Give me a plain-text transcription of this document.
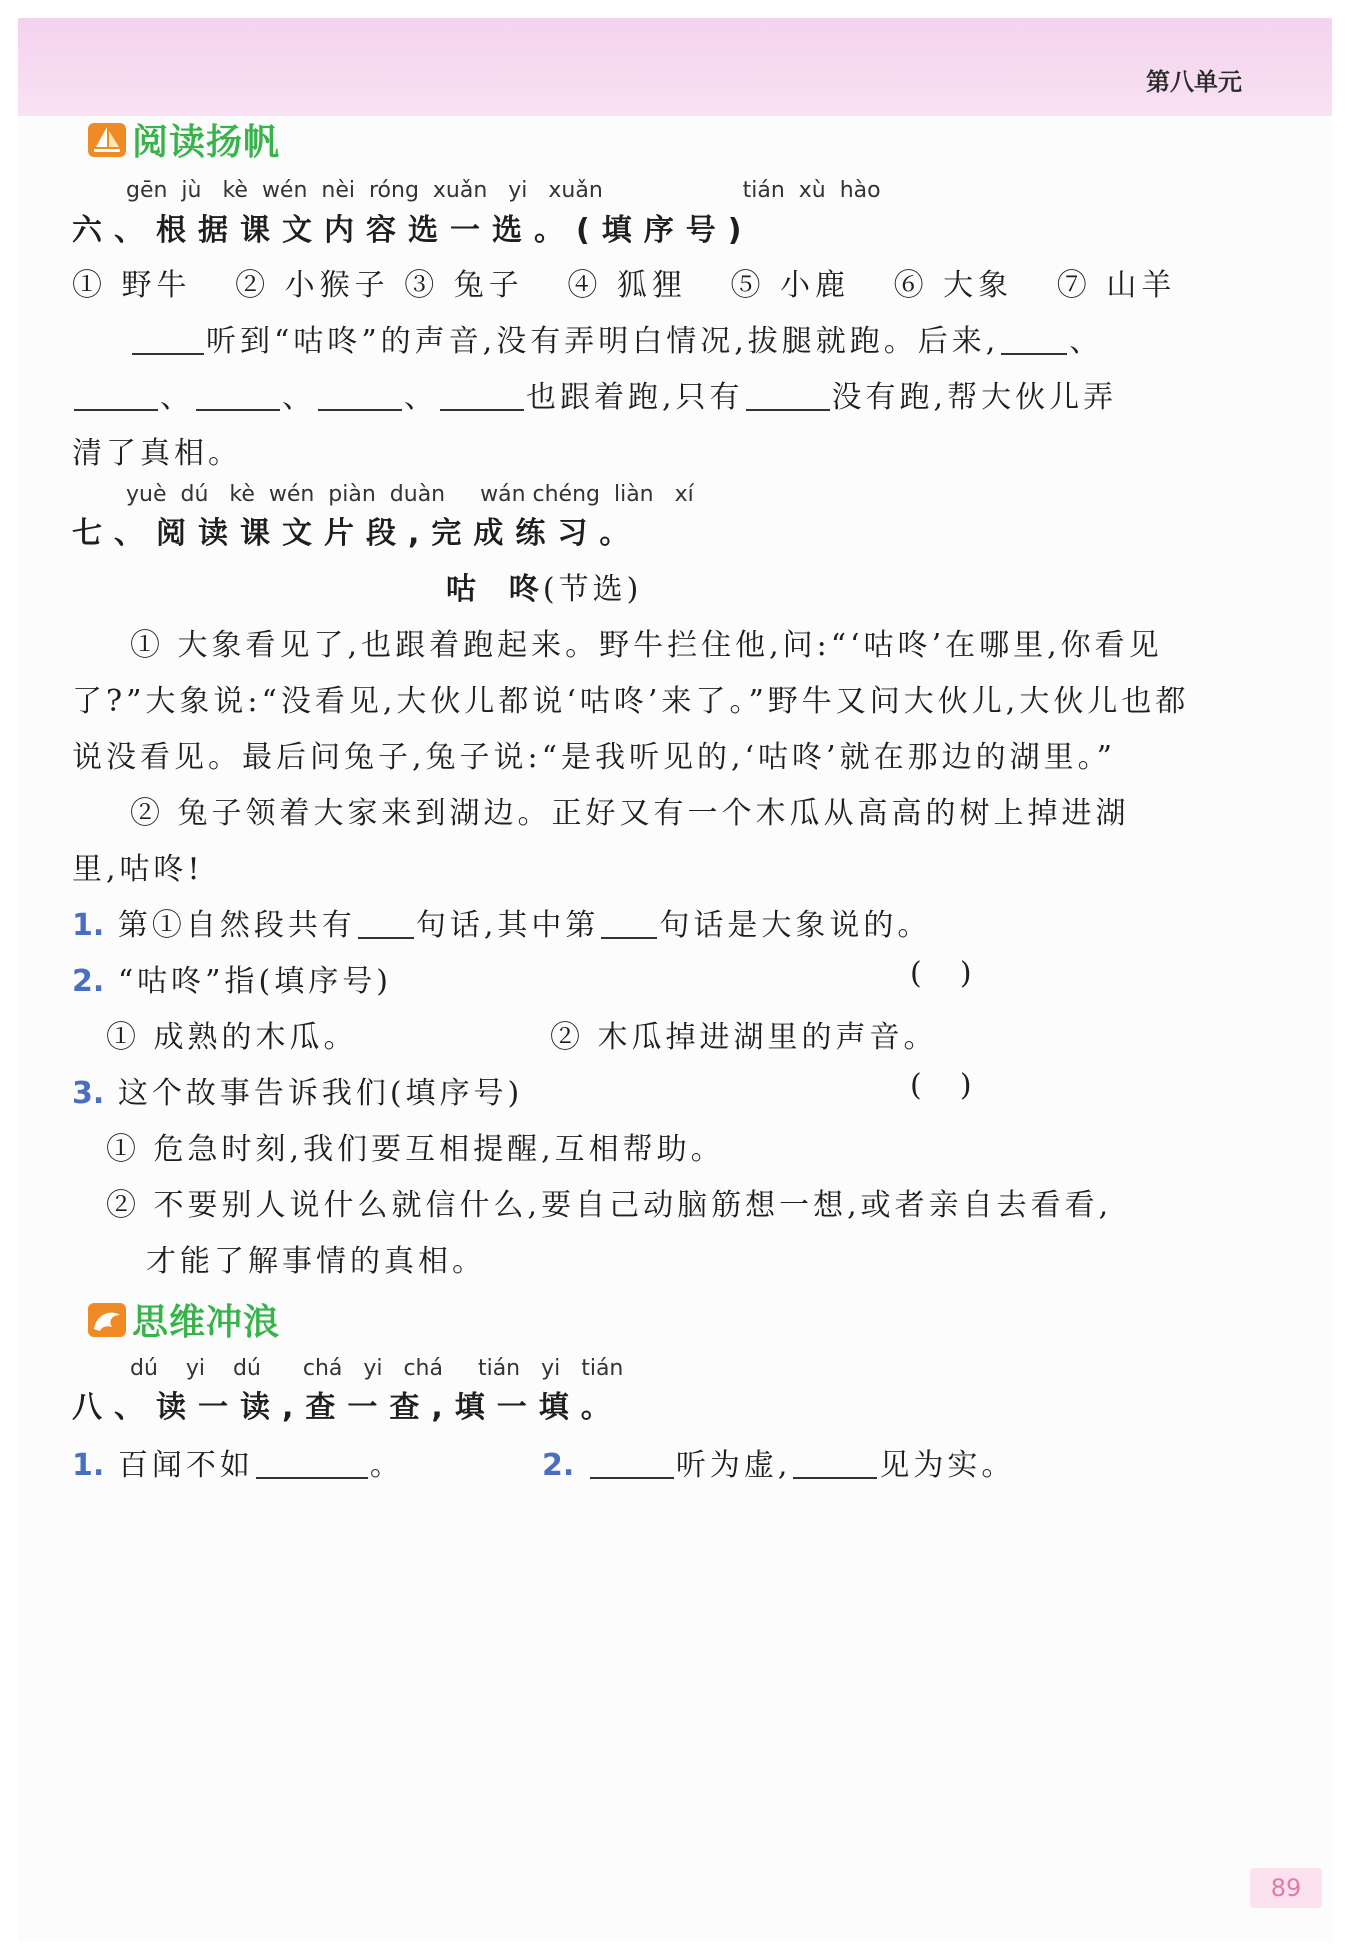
第八单元
阅读扬帆
gēn  jù   kè  wén  nèi  róng  xuǎn   yi   xuǎn                    tián  xù  hào
六、根据课文内容选一选。(填序号)
① 野牛   ② 小猴子 ③ 兔子   ④ 狐狸   ⑤ 小鹿   ⑥ 大象   ⑦ 山羊
听到“咕咚”的声音,没有弄明白情况,拔腿就跑。后来, 、
、	、	、	也跟着跑,只有	没有跑,帮大伙儿弄
清了真相。
yuè  dú   kè  wén  piàn  duàn     wán chéng  liàn   xí
七、阅读课文片段,完成练习。
咕  咚(节选)
① 大象看见了,也跟着跑起来。野牛拦住他,问:“‘咕咚’在哪里,你看见
了?”大象说:“没看见,大伙儿都说‘咕咚’来了。”野牛又问大伙儿,大伙儿也都
说没看见。最后问兔子,兔子说:“是我听见的,‘咕咚’就在那边的湖里。”
② 兔子领着大家来到湖边。正好又有一个木瓜从高高的树上掉进湖
里,咕咚!
1. 第①自然段共有 句话,其中第 句话是大象说的。
2. “咕咚”指(填序号)	(    )
① 成熟的木瓜。	② 木瓜掉进湖里的声音。
3. 这个故事告诉我们(填序号)	(    )
① 危急时刻,我们要互相提醒,互相帮助。
② 不要别人说什么就信什么,要自己动脑筋想一想,或者亲自去看看,
才能了解事情的真相。
思维冲浪
dú    yi    dú      chá   yi   chá     tián   yi   tián
八、读一读,查一查,填一填。
1. 百闻不如	。	2.	听为虚,	见为实。
89
